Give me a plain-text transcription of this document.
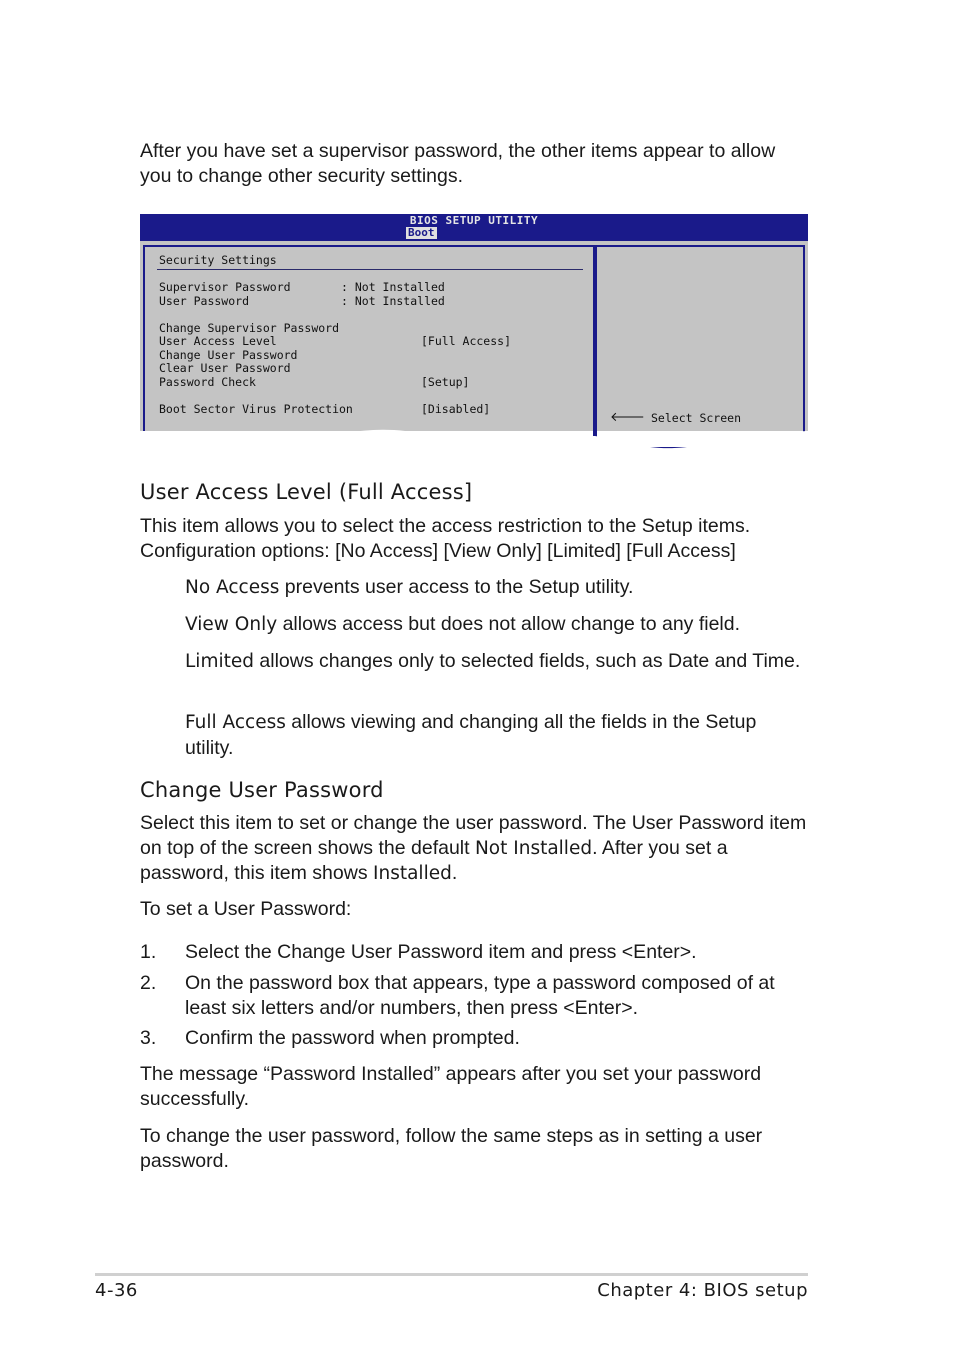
After you have set a supervisor password, the other items appear to allow you to change other security settings.

BIOS SETUP UTILITY
Boot
Security Settings
Supervisor Password	: Not Installed
User Password	: Not Installed
Change Supervisor Password
User Access Level	[Full Access]
Change User Password
Clear User Password
Password Check	[Setup]
Boot Sector Virus Protection	[Disabled]
🡐 Select Screen
User Access Level (Full Access]

This item allows you to select the access restriction to the Setup items. Configuration options: [No Access] [View Only] [Limited] [Full Access]

No Access prevents user access to the Setup utility.

View Only allows access but does not allow change to any field.

Limited allows changes only to selected fields, such as Date and Time.

Full Access allows viewing and changing all the fields in the Setup utility.

Change User Password

Select this item to set or change the user password. The User Password item on top of the screen shows the default Not Installed. After you set a password, this item shows Installed.

To set a User Password:

1. Select the Change User Password item and press <Enter>.
2. On the password box that appears, type a password composed of at least six letters and/or numbers, then press <Enter>.
3. Confirm the password when prompted.

The message “Password Installed” appears after you set your password successfully.

To change the user password, follow the same steps as in setting a user password.

4-36	Chapter 4: BIOS setup
